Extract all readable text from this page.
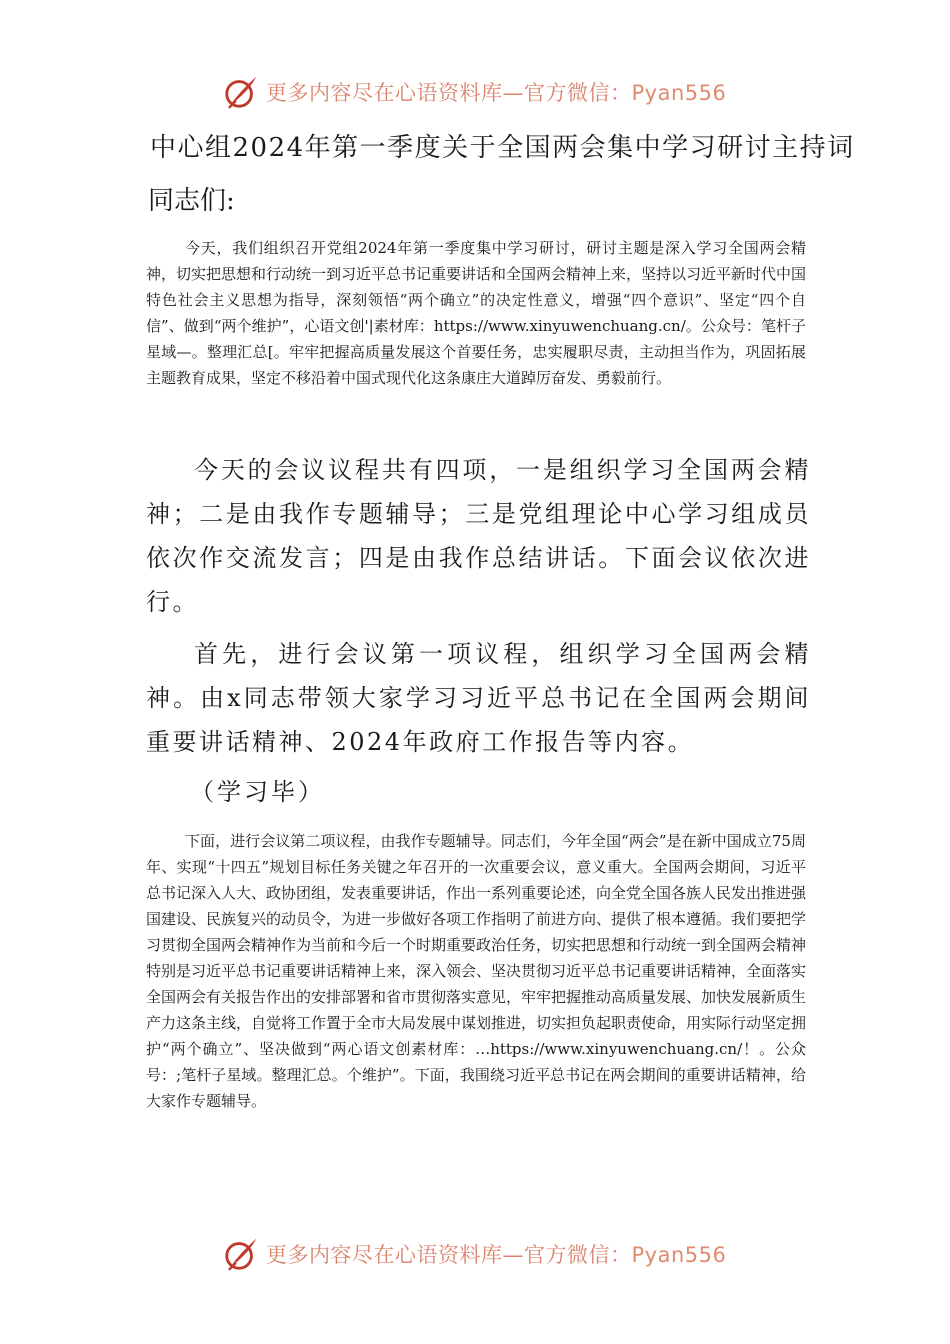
更多内容尽在心语资料库—官方微信：Pyan556
中心组2024年第一季度关于全国两会集中学习研讨主持词
同志们:

今天，我们组织召开党组2024年第一季度集中学习研讨，研讨主题是深入学习全国两会精神，切实把思想和行动统一到习近平总书记重要讲话和全国两会精神上来，坚持以习近平新时代中国特色社会主义思想为指导，深刻领悟“两个确立”的决定性意义，增强“四个意识”、坚定“四个自信”、做到“两个维护”，心语文创'|素材库：https://www.xinyuwenchuang.cn/。公众号：笔杆子星域—。整理汇总[。牢牢把握高质量发展这个首要任务，忠实履职尽责，主动担当作为，巩固拓展主题教育成果，坚定不移沿着中国式现代化这条康庄大道踔厉奋发、勇毅前行。

今天的会议议程共有四项，一是组织学习全国两会精神；二是由我作专题辅导；三是党组理论中心学习组成员依次作交流发言；四是由我作总结讲话。下面会议依次进行。

首先，进行会议第一项议程，组织学习全国两会精神。由x同志带领大家学习习近平总书记在全国两会期间重要讲话精神、2024年政府工作报告等内容。

（学习毕）

下面，进行会议第二项议程，由我作专题辅导。同志们，今年全国“两会”是在新中国成立75周年、实现“十四五”规划目标任务关键之年召开的一次重要会议，意义重大。全国两会期间，习近平总书记深入人大、政协团组，发表重要讲话，作出一系列重要论述，向全党全国各族人民发出推进强国建设、民族复兴的动员令，为进一步做好各项工作指明了前进方向、提供了根本遵循。我们要把学习贯彻全国两会精神作为当前和今后一个时期重要政治任务，切实把思想和行动统一到全国两会精神特别是习近平总书记重要讲话精神上来，深入领会、坚决贯彻习近平总书记重要讲话精神，全面落实全国两会有关报告作出的安排部署和省市贯彻落实意见，牢牢把握推动高质量发展、加快发展新质生产力这条主线，自觉将工作置于全市大局发展中谋划推进，切实担负起职责使命，用实际行动坚定拥护“两个确立”、坚决做到“两心语文创素材库：…https://www.xinyuwenchuang.cn/！。公众号：;笔杆子星域。整理汇总。个维护”。下面，我围绕习近平总书记在两会期间的重要讲话精神，给大家作专题辅导。

更多内容尽在心语资料库—官方微信：Pyan556
